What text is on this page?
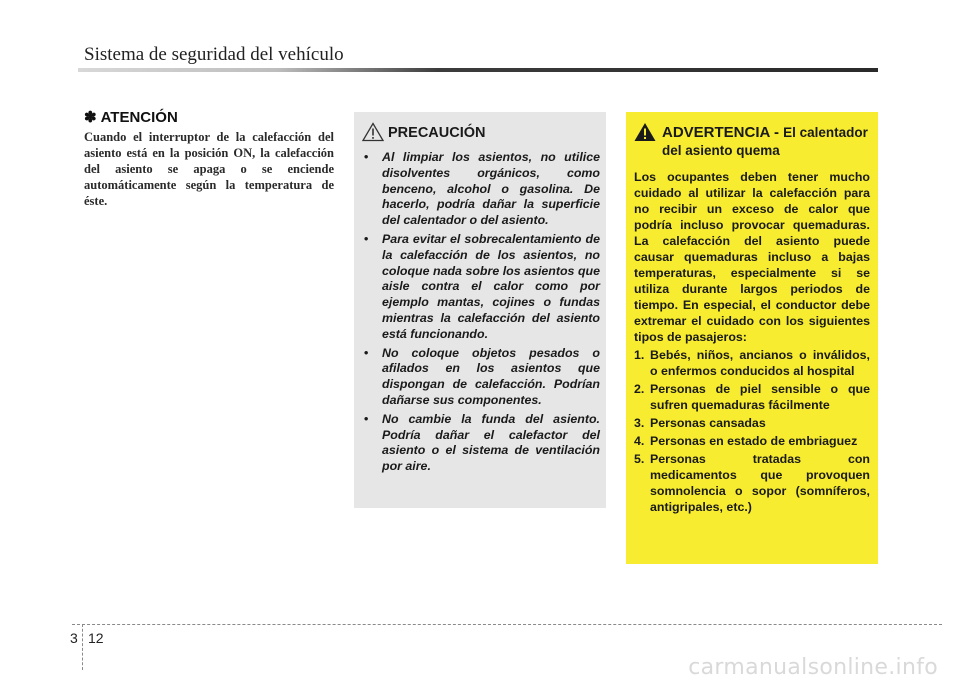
Sistema de seguridad del vehículo
✽ ATENCIÓN
Cuando el interruptor de la calefacción del asiento está en la posición ON, la calefacción del asiento se apaga o se enciende automáticamente según la temperatura de éste.
PRECAUCIÓN
• Al limpiar los asientos, no utilice disolventes orgánicos, como benceno, alcohol o gasolina. De hacerlo, podría dañar la superficie del calentador o del asiento.
• Para evitar el sobrecalentamiento de la calefacción de los asientos, no coloque nada sobre los asientos que aisle contra el calor como por ejemplo mantas, cojines o fundas mientras la calefacción del asiento está funcionando.
• No coloque objetos pesados o afilados en los asientos que dispongan de calefacción. Podrían dañarse sus componentes.
• No cambie la funda del asiento. Podría dañar el calefactor del asiento o el sistema de ventilación por aire.
ADVERTENCIA - El calentador del asiento quema
Los ocupantes deben tener mucho cuidado al utilizar la calefacción para no recibir un exceso de calor que podría incluso provocar quemaduras. La calefacción del asiento puede causar quemaduras incluso a bajas temperaturas, especialmente si se utiliza durante largos periodos de tiempo. En especial, el conductor debe extremar el cuidado con los siguientes tipos de pasajeros:
1. Bebés, niños, ancianos o inválidos, o enfermos conducidos al hospital
2. Personas de piel sensible o que sufren quemaduras fácilmente
3. Personas cansadas
4. Personas en estado de embriaguez
5. Personas tratadas con medicamentos que provoquen somnolencia o sopor (somníferos, antigripales, etc.)
3 12
carmanualsonline.info
